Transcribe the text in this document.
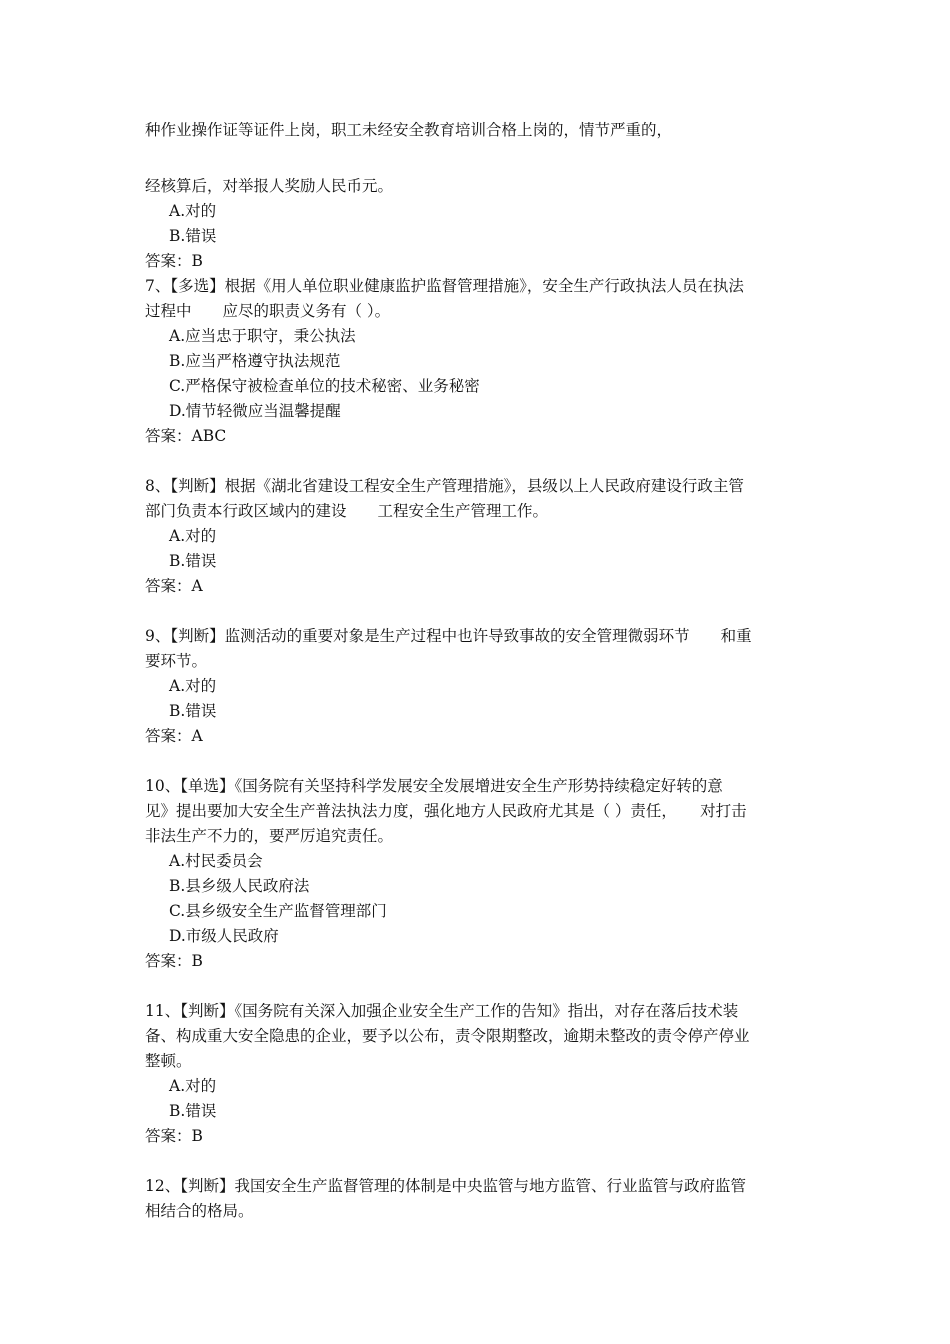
种作业操作证等证件上岗，职工未经安全教育培训合格上岗的，情节严重的，
经核算后，对举报人奖励人民币元。
A.对的
B.错误
答案：B
7、【多选】根据《用人单位职业健康监护监督管理措施》，安全生产行政执法人员在执法
过程中　　应尽的职责义务有（ ）。
A.应当忠于职守，秉公执法
B.应当严格遵守执法规范
C.严格保守被检查单位的技术秘密、业务秘密
D.情节轻微应当温馨提醒
答案：ABC
8、【判断】根据《湖北省建设工程安全生产管理措施》，县级以上人民政府建设行政主管
部门负责本行政区域内的建设　　工程安全生产管理工作。
A.对的
B.错误
答案：A
9、【判断】监测活动的重要对象是生产过程中也许导致事故的安全管理微弱环节　　和重
要环节。
A.对的
B.错误
答案：A
10、【单选】《国务院有关坚持科学发展安全发展增进安全生产形势持续稳定好转的意
见》提出要加大安全生产普法执法力度，强化地方人民政府尤其是（ ）责任，　　对打击
非法生产不力的，要严厉追究责任。
A.村民委员会
B.县乡级人民政府法
C.县乡级安全生产监督管理部门
D.市级人民政府
答案：B
11、【判断】《国务院有关深入加强企业安全生产工作的告知》指出，对存在落后技术装
备、构成重大安全隐患的企业，要予以公布，责令限期整改，逾期未整改的责令停产停业
整顿。
A.对的
B.错误
答案：B
12、【判断】我国安全生产监督管理的体制是中央监管与地方监管、行业监管与政府监管
相结合的格局。
